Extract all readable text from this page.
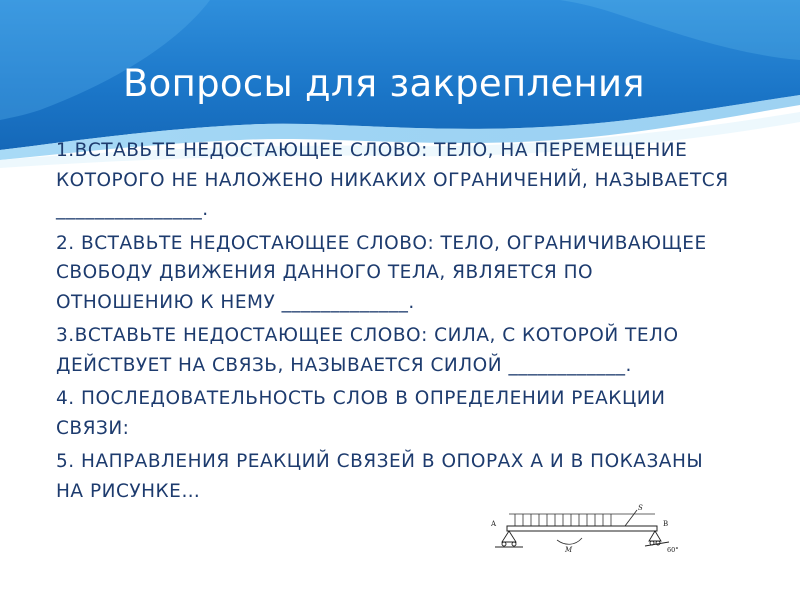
Вопросы для закрепления

1.ВСТАВЬТЕ НЕДОСТАЮЩЕЕ СЛОВО: ТЕЛО, НА ПЕРЕМЕЩЕНИЕ КОТОРОГО НЕ НАЛОЖЕНО НИКАКИХ ОГРАНИЧЕНИЙ, НАЗЫВАЕТСЯ _______________.

2. ВСТАВЬТЕ НЕДОСТАЮЩЕЕ СЛОВО: ТЕЛО, ОГРАНИЧИВАЮЩЕЕ СВОБОДУ ДВИЖЕНИЯ ДАННОГО ТЕЛА, ЯВЛЯЕТСЯ ПО ОТНОШЕНИЮ К НЕМУ _____________.

3.ВСТАВЬТЕ НЕДОСТАЮЩЕЕ СЛОВО: СИЛА, С КОТОРОЙ ТЕЛО ДЕЙСТВУЕТ НА СВЯЗЬ, НАЗЫВАЕТСЯ СИЛОЙ ____________.

4. ПОСЛЕДОВАТЕЛЬНОСТЬ СЛОВ В ОПРЕДЕЛЕНИИ РЕАКЦИИ СВЯЗИ:

5. НАПРАВЛЕНИЯ РЕАКЦИЙ СВЯЗЕЙ В ОПОРАХ А И В ПОКАЗАНЫ НА РИСУНКЕ…

A	B
S
M	60°
